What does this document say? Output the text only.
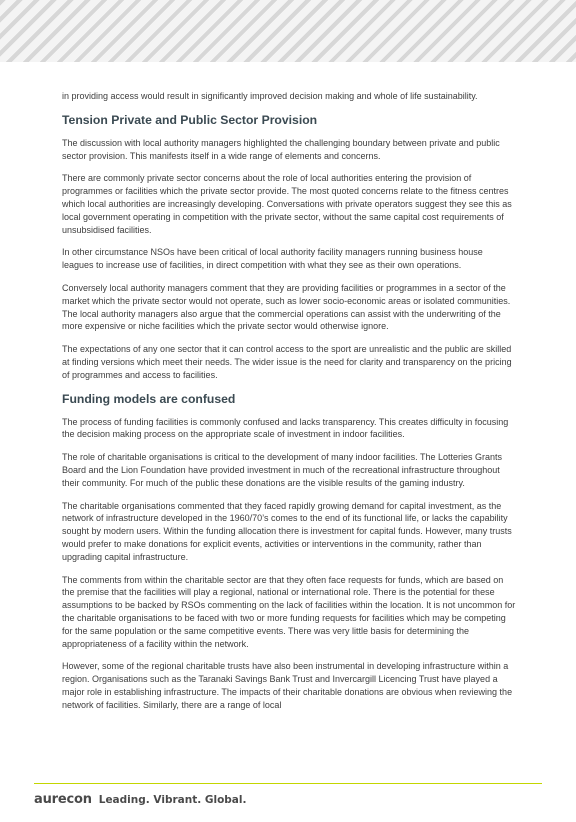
in providing access would result in significantly improved decision making and whole of life sustainability.

Tension Private and Public Sector Provision

The discussion with local authority managers highlighted the challenging boundary between private and public sector provision. This manifests itself in a wide range of elements and concerns.

There are commonly private sector concerns about the role of local authorities entering the provision of programmes or facilities which the private sector provide. The most quoted concerns relate to the fitness centres which local authorities are increasingly developing. Conversations with private operators suggest they see this as local government operating in competition with the private sector, without the same capital cost requirements of unsubsidised facilities.

In other circumstance NSOs have been critical of local authority facility managers running business house leagues to increase use of facilities, in direct competition with what they see as their own operations.

Conversely local authority managers comment that they are providing facilities or programmes in a sector of the market which the private sector would not operate, such as lower socio-economic areas or isolated communities. The local authority managers also argue that the commercial operations can assist with the underwriting of the more expensive or niche facilities which the private sector would otherwise ignore.

The expectations of any one sector that it can control access to the sport are unrealistic and the public are skilled at finding versions which meet their needs. The wider issue is the need for clarity and transparency on the pricing of programmes and access to facilities.

Funding models are confused

The process of funding facilities is commonly confused and lacks transparency. This creates difficulty in focusing the decision making process on the appropriate scale of investment in indoor facilities.

The role of charitable organisations is critical to the development of many indoor facilities. The Lotteries Grants Board and the Lion Foundation have provided investment in much of the recreational infrastructure throughout their community. For much of the public these donations are the visible results of the gaming industry.

The charitable organisations commented that they faced rapidly growing demand for capital investment, as the network of infrastructure developed in the 1960/70’s comes to the end of its functional life, or lacks the capability sought by modern users. Within the funding allocation there is investment for capital funds. However, many trusts would prefer to make donations for explicit events, activities or interventions in the community, rather than upgrading capital infrastructure.

The comments from within the charitable sector are that they often face requests for funds, which are based on the premise that the facilities will play a regional, national or international role. There is the potential for these assumptions to be backed by RSOs commenting on the lack of facilities within the location. It is not uncommon for the charitable organisations to be faced with two or more funding requests for facilities which may be competing for the same population or the same competitive events. There was very little basis for determining the appropriateness of a facility within the network.

However, some of the regional charitable trusts have also been instrumental in developing infrastructure within a region. Organisations such as the Taranaki Savings Bank Trust and Invercargill Licencing Trust have played a major role in establishing infrastructure. The impacts of their charitable donations are obvious when reviewing the network of facilities. Similarly, there are a range of local

aurecon Leading. Vibrant. Global.
